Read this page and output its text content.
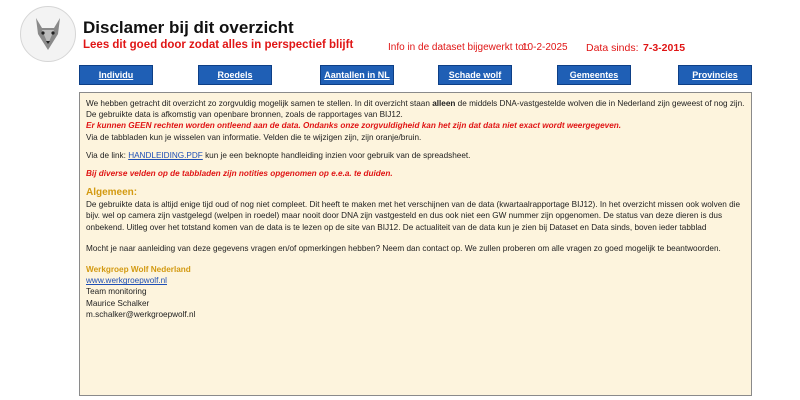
Disclamer bij dit overzicht
Lees dit goed door zodat alles in perspectief blijft	Info in de dataset bijgewerkt tot:
10-2-2025 Data sinds: 7-3-2015
Individu	Roedels	Aantallen in NL	Schade wolf	Gemeentes	Provincies

We hebben getracht dit overzicht zo zorgvuldig mogelijk samen te stellen. In dit overzicht staan alleen de middels DNA-vastgestelde wolven die in Nederland zijn geweest of nog zijn. De gebruikte data is afkomstig van openbare bronnen, zoals de rapportages van BIJ12.

Er kunnen GEEN rechten worden ontleend aan de data. Ondanks onze zorgvuldigheid kan het zijn dat data niet exact wordt weergegeven.

Via de tabbladen kun je wisselen van informatie. Velden die te wijzigen zijn, zijn oranje/bruin.

Via de link: HANDLEIDING.PDF kun je een beknopte handleiding inzien voor gebruik van de spreadsheet.

Bij diverse velden op de tabbladen zijn notities opgenomen op e.e.a. te duiden.

Algemeen:

De gebruikte data is altijd enige tijd oud of nog niet compleet. Dit heeft te maken met het verschijnen van de data (kwartaalrapportage BIJ12). In het overzicht missen ook wolven die bijv. wel op camera zijn vastgelegd (welpen in roedel) maar nooit door DNA zijn vastgesteld en dus ook niet een GW nummer zijn opgenomen. De status van deze dieren is dus onbekend. Uitleg over het totstand komen van de data is te lezen op de site van BIJ12. De actualiteit van de data kun je zien bij Dataset en Data sinds, boven ieder tabblad

Mocht je naar aanleiding van deze gegevens vragen en/of opmerkingen hebben? Neem dan contact op. We zullen proberen om alle vragen zo goed mogelijk te beantwoorden.

Werkgroep Wolf Nederland

www.werkgroepwolf.nl

Team monitoring

Maurice Schalker

m.schalker@werkgroepwolf.nl
